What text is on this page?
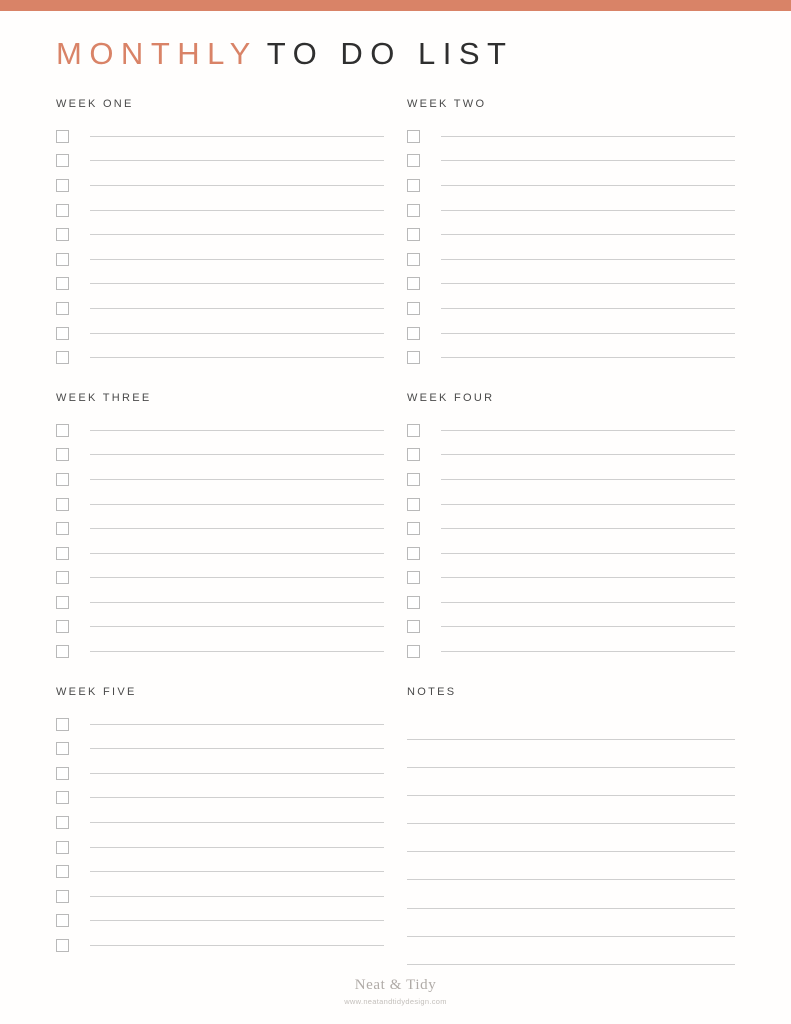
MONTHLY TO DO LIST
WEEK ONE	WEEK TWO
WEEK THREE	WEEK FOUR
WEEK FIVE	NOTES
Neat & Tidy
www.neatandtidydesign.com
